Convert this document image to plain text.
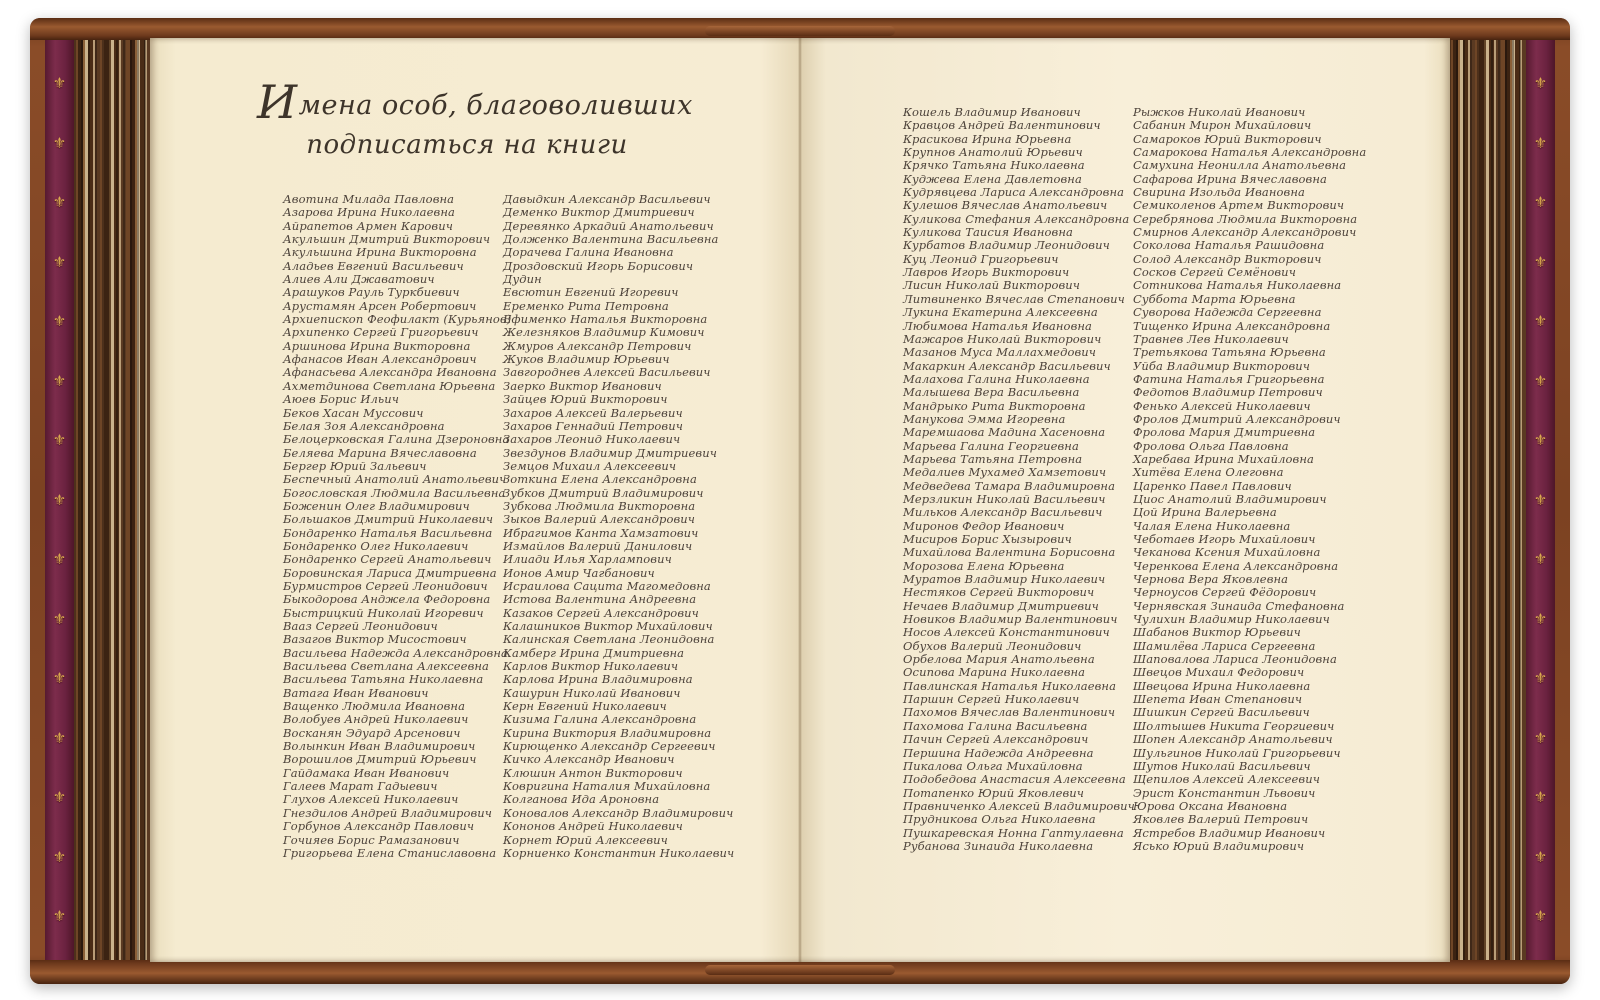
⚜
⚜
⚜
⚜
⚜
⚜
⚜
⚜
⚜
⚜
⚜
⚜
⚜
⚜
⚜
⚜
⚜
⚜
⚜
⚜
⚜
⚜
⚜
⚜
⚜
⚜
⚜
⚜
⚜
⚜
Имена особ, благоволивших
подписаться на книги
Авотина Милада Павловна
Азарова Ирина Николаевна
Айрапетов Армен Карович
Акульшин Дмитрий Викторович
Акульшина Ирина Викторовна
Аладьев Евгений Васильевич
Алиев Али Джаватович
Арашуков Рауль Туркбиевич
Арустамян Арсен Робертович
Архиепископ Феофилакт (Курьянов)
Архипенко Сергей Григорьевич
Аршинова Ирина Викторовна
Афанасов Иван Александрович
Афанасьева Александра Ивановна
Ахметдинова Светлана Юрьевна
Аюев Борис Ильич
Беков Хасан Муссович
Белая Зоя Александровна
Белоцерковская Галина Дзероновна
Беляева Марина Вячеславовна
Бергер Юрий Зальевич
Беспечный Анатолий Анатольевич
Богословская Людмила Васильевна
Боженин Олег Владимирович
Большаков Дмитрий Николаевич
Бондаренко Наталья Васильевна
Бондаренко Олег Николаевич
Бондаренко Сергей Анатольевич
Боровинская Лариса Дмитриевна
Бурмистров Сергей Леонидович
Быкодорова Анджела Федоровна
Быстрицкий Николай Игоревич
Вааз Сергей Леонидович
Вазагов Виктор Мисостович
Васильева Надежда Александровна
Васильева Светлана Алексеевна
Васильева Татьяна Николаевна
Ватага Иван Иванович
Ващенко Людмила Ивановна
Волобуев Андрей Николаевич
Восканян Эдуард Арсенович
Волынкин Иван Владимирович
Ворошилов Дмитрий Юрьевич
Гайдамака Иван Иванович
Галеев Марат Гадыевич
Глухов Алексей Николаевич
Гнездилов Андрей Владимирович
Горбунов Александр Павлович
Гочияев Борис Рамазанович
Григорьева Елена Станиславовна
Давыдкин Александр Васильевич
Деменко Виктор Дмитриевич
Деревянко Аркадий Анатольевич
Долженко Валентина Васильевна
Дорачева Галина Ивановна
Дроздовский Игорь Борисович
Дудин
Евсютин Евгений Игоревич
Еременко Рита Петровна
Ефименко Наталья Викторовна
Железняков Владимир Кимович
Жмуров Александр Петрович
Жуков Владимир Юрьевич
Завгороднев Алексей Васильевич
Заерко Виктор Иванович
Зайцев Юрий Викторович
Захаров Алексей Валерьевич
Захаров Геннадий Петрович
Захаров Леонид Николаевич
Звездунов Владимир Дмитриевич
Земцов Михаил Алексеевич
Зоткина Елена Александровна
Зубков Дмитрий Владимирович
Зубкова Людмила Викторовна
Зыков Валерий Александрович
Ибрагимов Канта Хамзатович
Измайлов Валерий Данилович
Илиади Илья Харлампович
Ионов Амир Чагбанович
Исраилова Сацита Магомедовна
Истова Валентина Андреевна
Казаков Сергей Александрович
Калашников Виктор Михайлович
Калинская Светлана Леонидовна
Камберг Ирина Дмитриевна
Карлов Виктор Николаевич
Карлова Ирина Владимировна
Кашурин Николай Иванович
Керн Евгений Николаевич
Кизима Галина Александровна
Кирина Виктория Владимировна
Кирющенко Александр Сергеевич
Кичко Александр Иванович
Клюшин Антон Викторович
Ковригина Наталия Михайловна
Колганова Ида Ароновна
Коновалов Александр Владимирович
Кононов Андрей Николаевич
Корнет Юрий Алексеевич
Корниенко Константин Николаевич
Кошель Владимир Иванович
Кравцов Андрей Валентинович
Красикова Ирина Юрьевна
Крупнов Анатолий Юрьевич
Крячко Татьяна Николаевна
Куджева Елена Давлетовна
Кудрявцева Лариса Александровна
Кулешов Вячеслав Анатольевич
Куликова Стефания Александровна
Куликова Таисия Ивановна
Курбатов Владимир Леонидович
Куц Леонид Григорьевич
Лавров Игорь Викторович
Лисин Николай Викторович
Литвиненко Вячеслав Степанович
Лукина Екатерина Алексеевна
Любимова Наталья Ивановна
Мажаров Николай Викторович
Мазанов Муса Маллахмедович
Макаркин Александр Васильевич
Малахова Галина Николаевна
Малышева Вера Васильевна
Мандрыко Рита Викторовна
Манукова Эмма Игоревна
Маремшаова Мадина Хасеновна
Марьева Галина Георгиевна
Марьева Татьяна Петровна
Медалиев Мухамед Хамзетович
Медведева Тамара Владимировна
Мерзликин Николай Васильевич
Мильков Александр Васильевич
Миронов Федор Иванович
Мисиров Борис Хызырович
Михайлова Валентина Борисовна
Морозова Елена Юрьевна
Муратов Владимир Николаевич
Нестяков Сергей Викторович
Нечаев Владимир Дмитриевич
Новиков Владимир Валентинович
Носов Алексей Константинович
Обухов Валерий Леонидович
Орбелова Мария Анатольевна
Осипова Марина Николаевна
Павлинская Наталья Николаевна
Паршин Сергей Николаевич
Пахомов Вячеслав Валентинович
Пахомова Галина Васильевна
Пачин Сергей Александрович
Першина Надежда Андреевна
Пикалова Ольга Михайловна
Подобедова Анастасия Алексеевна
Потапенко Юрий Яковлевич
Правниченко Алексей Владимирович
Прудникова Ольга Николаевна
Пушкаревская Нонна Гаптулаевна
Рубанова Зинаида Николаевна
Рыжков Николай Иванович
Сабанин Мирон Михайлович
Самароков Юрий Викторович
Самарокова Наталья Александровна
Самухина Неонилла Анатольевна
Сафарова Ирина Вячеславовна
Свирина Изольда Ивановна
Семиколенов Артем Викторович
Серебрянова Людмила Викторовна
Смирнов Александр Александрович
Соколова Наталья Рашидовна
Солод Александр Викторович
Сосков Сергей Семёнович
Сотникова Наталья Николаевна
Суббота Марта Юрьевна
Суворова Надежда Сергеевна
Тищенко Ирина Александровна
Травнев Лев Николаевич
Третьякова Татьяна Юрьевна
Уйба Владимир Викторович
Фатина Наталья Григорьевна
Федотов Владимир Петрович
Фенько Алексей Николаевич
Фролов Дмитрий Александрович
Фролова Мария Дмитриевна
Фролова Ольга Павловна
Харебава Ирина Михайловна
Хитёва Елена Олеговна
Царенко Павел Павлович
Циос Анатолий Владимирович
Цой Ирина Валерьевна
Чалая Елена Николаевна
Чеботаев Игорь Михайлович
Чеканова Ксения Михайловна
Черенкова Елена Александровна
Чернова Вера Яковлевна
Черноусов Сергей Фёдорович
Чернявская Зинаида Стефановна
Чулихин Владимир Николаевич
Шабанов Виктор Юрьевич
Шамилёва Лариса Сергеевна
Шаповалова Лариса Леонидовна
Швецов Михаил Федорович
Швецова Ирина Николаевна
Шепета Иван Степанович
Шишкин Сергей Васильевич
Шолтышев Никита Георгиевич
Шопен Александр Анатольевич
Шульгинов Николай Григорьевич
Шутов Николай Васильевич
Щепилов Алексей Алексеевич
Эрист Константин Львович
Юрова Оксана Ивановна
Яковлев Валерий Петрович
Ястребов Владимир Иванович
Ясько Юрий Владимирович
